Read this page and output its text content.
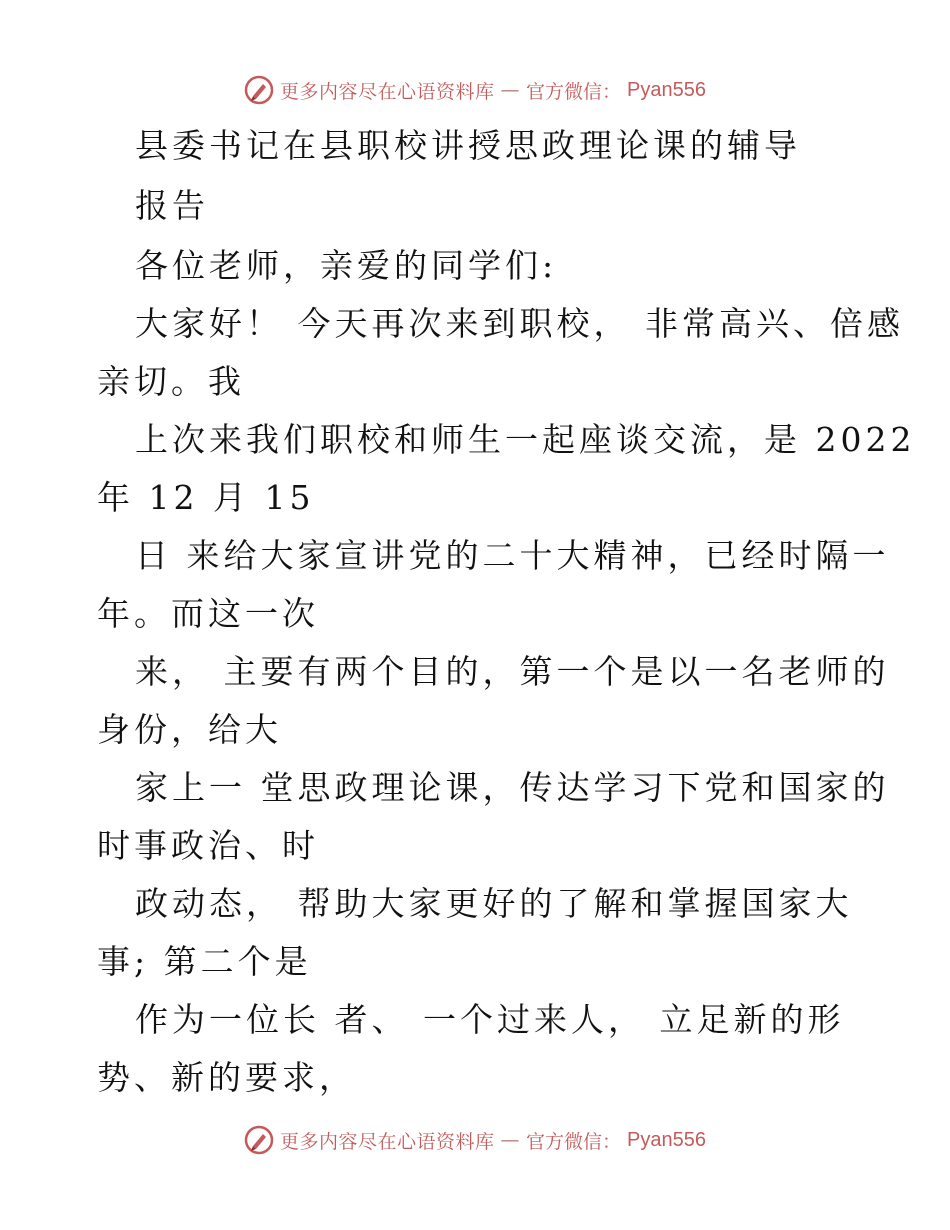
更多内容尽在心语资料库 — 官方微信： Pyan556
县委书记在县职校讲授思政理论课的辅导
报告
各位老师，亲爱的同学们:
大家好！ 今天再次来到职校， 非常高兴、倍感
亲切。我
上次来我们职校和师生一起座谈交流，是 2022
年 12 月 15
日 来给大家宣讲党的二十大精神，已经时隔一
年。而这一次
来， 主要有两个目的，第一个是以一名老师的
身份，给大
家上一 堂思政理论课，传达学习下党和国家的
时事政治、时
政动态， 帮助大家更好的了解和掌握国家大
事; 第二个是
作为一位长 者、 一个过来人， 立足新的形
势、新的要求，
更多内容尽在心语资料库 — 官方微信： Pyan556
